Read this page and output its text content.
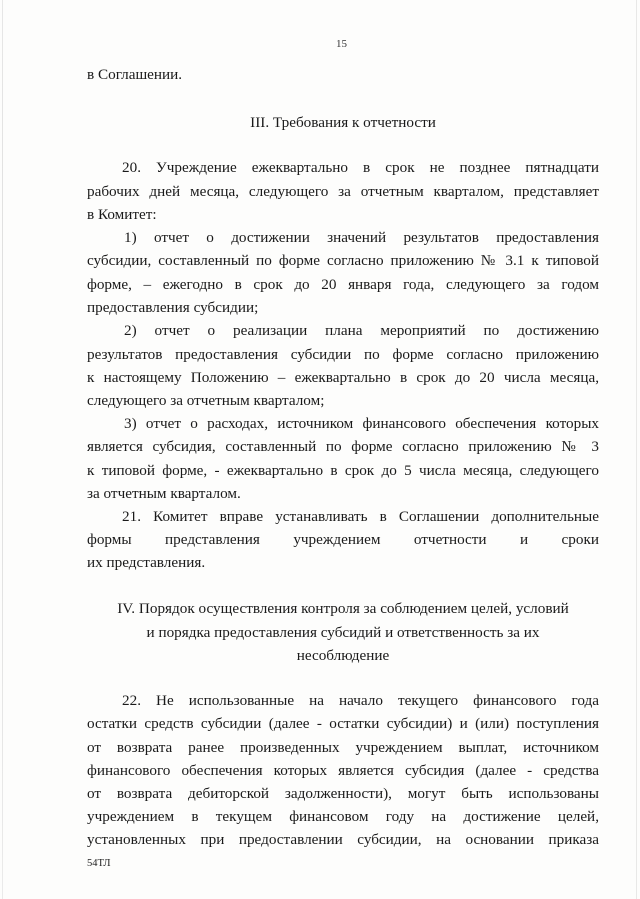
15
в Соглашении.
III. Требования к отчетности
20. Учреждение ежеквартально в срок не позднее пятнадцати
рабочих дней месяца, следующего за отчетным кварталом, представляет
в Комитет:
1) отчет о достижении значений результатов предоставления
субсидии, составленный по форме согласно приложению № 3.1 к типовой
форме, – ежегодно в срок до 20 января года, следующего за годом
предоставления субсидии;
2) отчет о реализации плана мероприятий по достижению
результатов предоставления субсидии по форме согласно приложению
к настоящему Положению – ежеквартально в срок до 20 числа месяца,
следующего за отчетным кварталом;
3) отчет о расходах, источником финансового обеспечения которых
является субсидия, составленный по форме согласно приложению № 3
к типовой форме, - ежеквартально в срок до 5 числа месяца, следующего
за отчетным кварталом.
21. Комитет вправе устанавливать в Соглашении дополнительные
формы представления учреждением отчетности и сроки
их представления.
IV. Порядок осуществления контроля за соблюдением целей, условий
и порядка предоставления субсидий и ответственность за их
несоблюдение
22. Не использованные на начало текущего финансового года
остатки средств субсидии (далее - остатки субсидии) и (или) поступления
от возврата ранее произведенных учреждением выплат, источником
финансового обеспечения которых является субсидия (далее - средства
от возврата дебиторской задолженности), могут быть использованы
учреждением в текущем финансовом году на достижение целей,
установленных при предоставлении субсидии, на основании приказа
54ТЛ
